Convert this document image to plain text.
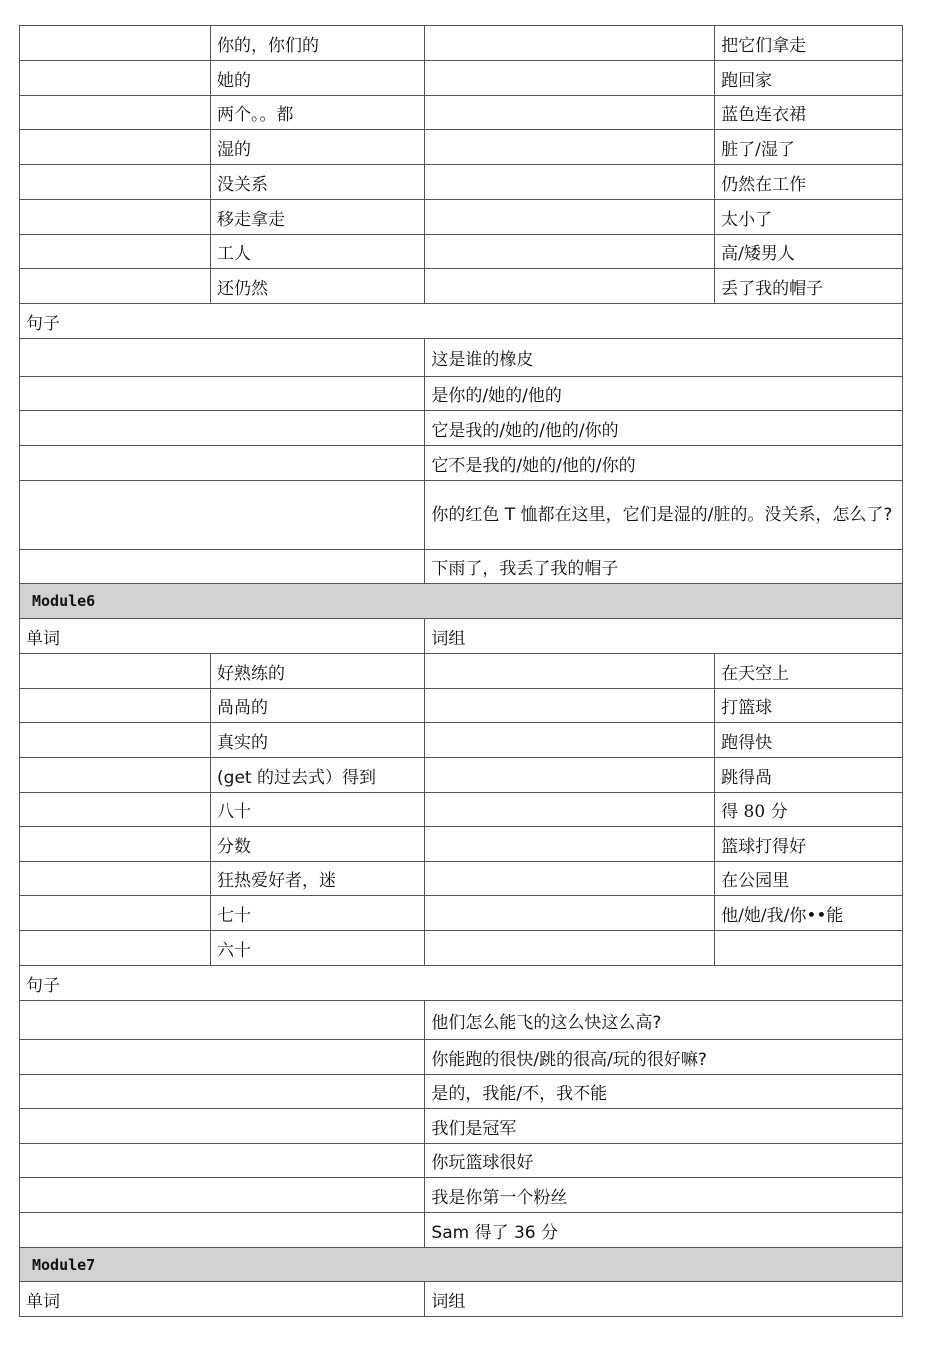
	你的，你们的		把它们拿走
	她的		跑回家
	两个。。都		蓝色连衣裙
	湿的		脏了/湿了
	没关系		仍然在工作
	移走拿走		太小了
	工人		高/矮男人
	还仍然		丢了我的帽子
句子			
		这是谁的橡皮	
		是你的/她的/他的	
		它是我的/她的/他的/你的	
		它不是我的/她的/他的/你的	
		你的红色 T 恤都在这里，它们是湿的/脏的。没关系，怎么了?	
		下雨了，我丢了我的帽子	
Module6			
单词		词组	
	好熟练的		在天空上
	咼咼的		打篮球
	真实的		跑得快
	(get 的过去式）得到		跳得咼
	八十		得 80 分
	分数		篮球打得好
	狂热爱好者，迷		在公园里
	七十		他/她/我/你••能
	六十		
句子			
		他们怎么能飞的这么快这么高?	
		你能跑的很快/跳的很高/玩的很好嘛?	
		是的，我能/不，我不能	
		我们是冠军	
		你玩篮球很好	
		我是你第一个粉丝	
		Sam 得了 36 分	
Module7			
单词		词组	
